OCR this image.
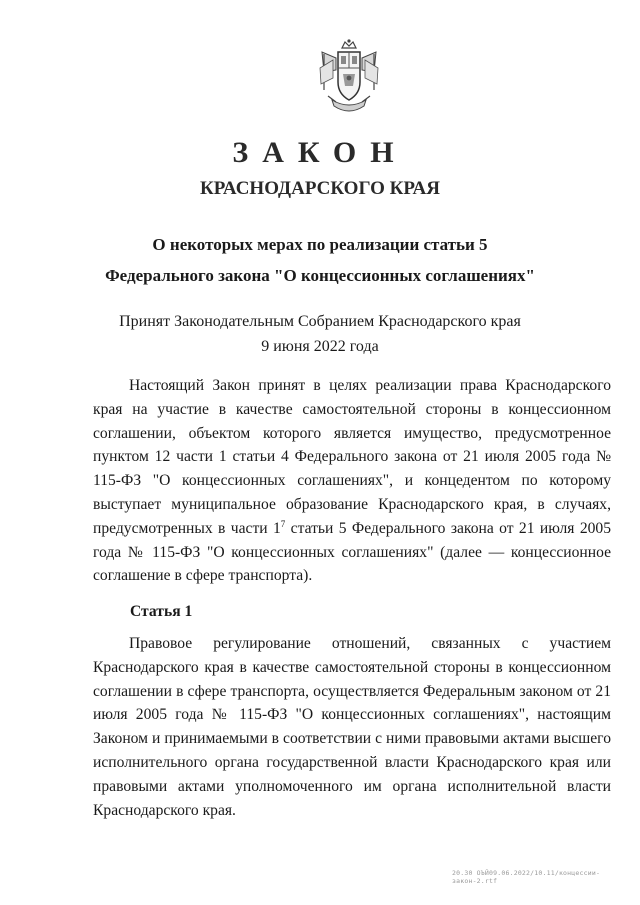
ЗАКОН
КРАСНОДАРСКОГО КРАЯ
О некоторых мерах по реализации статьи 5
Федерального закона "О концессионных соглашениях"
Принят Законодательным Собранием Краснодарского края
9 июня 2022 года

Настоящий Закон принят в целях реализации права Краснодарского края на участие в качестве самостоятельной стороны в концессионном соглашении, объектом которого является имущество, предусмотренное пунктом 12 части 1 статьи 4 Федерального закона от 21 июля 2005 года № 115-ФЗ "О концессионных соглашениях", и концедентом по которому выступает муниципальное образование Краснодарского края, в случаях, предусмотренных в части $1^7$ статьи 5 Федерального закона от 21 июля 2005 года № 115-ФЗ "О концессионных соглашениях" (далее — концессионное соглашение в сфере транспорта).

Статья 1

Правовое регулирование отношений, связанных с участием Краснодарского края в качестве самостоятельной стороны в концессионном соглашении в сфере транспорта, осуществляется Федеральным законом от 21 июля 2005 года № 115-ФЗ "О концессионных соглашениях", настоящим Законом и принимаемыми в соответствии с ними правовыми актами высшего исполнительного органа государственной власти Краснодарского края или правовыми актами уполномоченного им органа исполнительной власти Краснодарского края.

20.30 ОЪЙ09.06.2022/10.11/концессии-закон-2.rtf
